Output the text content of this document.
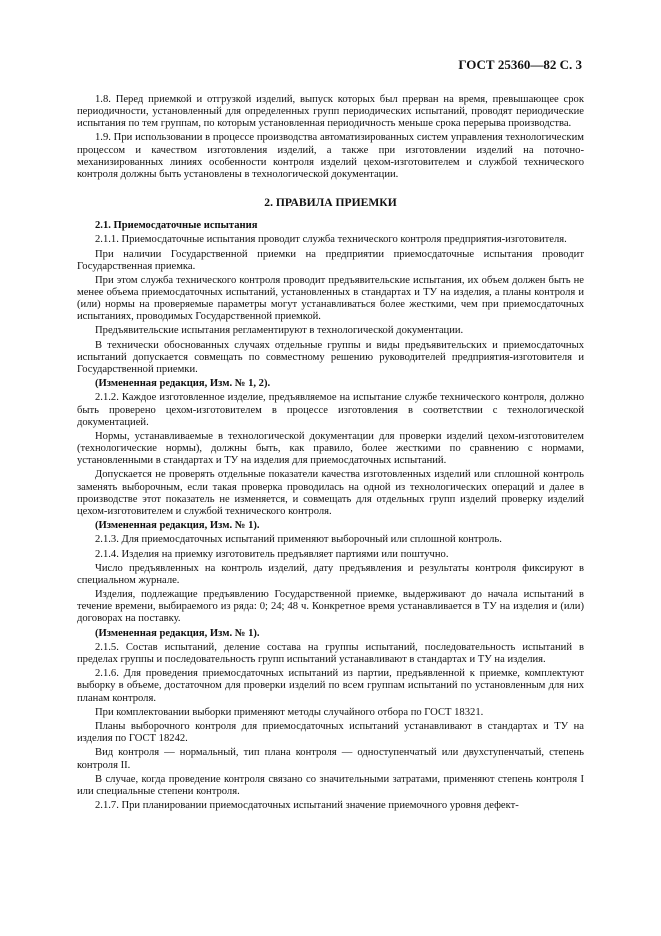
ГОСТ 25360—82 С. 3

1.8. Перед приемкой и отгрузкой изделий, выпуск которых был прерван на время, превышающее срок периодичности, установленный для определенных групп периодических испытаний, проводят периодические испытания по тем группам, по которым установленная периодичность меньше срока перерыва производства.

1.9. При использовании в процессе производства автоматизированных систем управления технологическим процессом и качеством изготовления изделий, а также при изготовлении изделий на поточно-механизированных линиях особенности контроля изделий цехом-изготовителем и службой технического контроля должны быть установлены в технологической документации.

2. ПРАВИЛА ПРИЕМКИ

2.1. Приемосдаточные испытания

2.1.1. Приемосдаточные испытания проводит служба технического контроля предприятия-изготовителя.

При наличии Государственной приемки на предприятии приемосдаточные испытания проводит Государственная приемка.

При этом служба технического контроля проводит предъявительские испытания, их объем должен быть не менее объема приемосдаточных испытаний, установленных в стандартах и ТУ на изделия, а планы контроля и (или) нормы на проверяемые параметры могут устанавливаться более жесткими, чем при приемосдаточных испытаниях, проводимых Государственной приемкой.

Предъявительские испытания регламентируют в технологической документации.

В технически обоснованных случаях отдельные группы и виды предъявительских и приемосдаточных испытаний допускается совмещать по совместному решению руководителей предприятия-изготовителя и Государственной приемки.

(Измененная редакция, Изм. № 1, 2).

2.1.2. Каждое изготовленное изделие, предъявляемое на испытание службе технического контроля, должно быть проверено цехом-изготовителем в процессе изготовления в соответствии с технологической документацией.

Нормы, устанавливаемые в технологической документации для проверки изделий цехом-изготовителем (технологические нормы), должны быть, как правило, более жесткими по сравнению с нормами, установленными в стандартах и ТУ на изделия для приемосдаточных испытаний.

Допускается не проверять отдельные показатели качества изготовленных изделий или сплошной контроль заменять выборочным, если такая проверка проводилась на одной из технологических операций и далее в производстве этот показатель не изменяется, и совмещать для отдельных групп изделий проверку изделий цехом-изготовителем и службой технического контроля.

(Измененная редакция, Изм. № 1).

2.1.3. Для приемосдаточных испытаний применяют выборочный или сплошной контроль.

2.1.4. Изделия на приемку изготовитель предъявляет партиями или поштучно.

Число предъявленных на контроль изделий, дату предъявления и результаты контроля фиксируют в специальном журнале.

Изделия, подлежащие предъявлению Государственной приемке, выдерживают до начала испытаний в течение времени, выбираемого из ряда: 0; 24; 48 ч. Конкретное время устанавливается в ТУ на изделия и (или) договорах на поставку.

(Измененная редакция, Изм. № 1).

2.1.5. Состав испытаний, деление состава на группы испытаний, последовательность испытаний в пределах группы и последовательность групп испытаний устанавливают в стандартах и ТУ на изделия.

2.1.6. Для проведения приемосдаточных испытаний из партии, предъявленной к приемке, комплектуют выборку в объеме, достаточном для проверки изделий по всем группам испытаний по установленным для них планам контроля.

При комплектовании выборки применяют методы случайного отбора по ГОСТ 18321.

Планы выборочного контроля для приемосдаточных испытаний устанавливают в стандартах и ТУ на изделия по ГОСТ 18242.

Вид контроля — нормальный, тип плана контроля — одноступенчатый или двухступенчатый, степень контроля II.

В случае, когда проведение контроля связано со значительными затратами, применяют степень контроля I или специальные степени контроля.

2.1.7. При планировании приемосдаточных испытаний значение приемочного уровня дефект-
